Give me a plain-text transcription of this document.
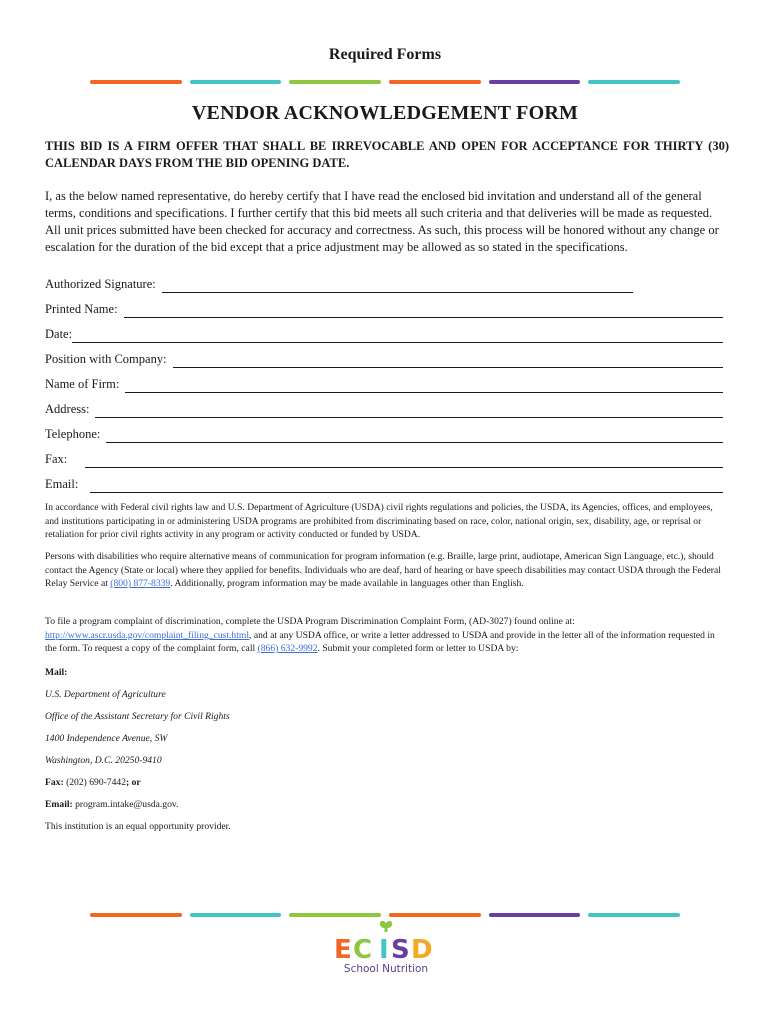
Required Forms
VENDOR ACKNOWLEDGEMENT FORM
THIS BID IS A FIRM OFFER THAT SHALL BE IRREVOCABLE AND OPEN FOR ACCEPTANCE FOR THIRTY (30) CALENDAR DAYS FROM THE BID OPENING DATE.
I, as the below named representative, do hereby certify that I have read the enclosed bid invitation and understand all of the general terms, conditions and specifications. I further certify that this bid meets all such criteria and that deliveries will be made as requested. All unit prices submitted have been checked for accuracy and correctness. As such, this process will be honored without any change or escalation for the duration of the bid except that a price adjustment may be allowed as so stated in the specifications.
Authorized Signature:
Printed Name:
Date:
Position with Company:
Name of Firm:
Address:
Telephone:
Fax:
Email:
In accordance with Federal civil rights law and U.S. Department of Agriculture (USDA) civil rights regulations and policies, the USDA, its Agencies, offices, and employees, and institutions participating in or administering USDA programs are prohibited from discriminating based on race, color, national origin, sex, disability, age, or reprisal or retaliation for prior civil rights activity in any program or activity conducted or funded by USDA.
Persons with disabilities who require alternative means of communication for program information (e.g. Braille, large print, audiotape, American Sign Language, etc.), should contact the Agency (State or local) where they applied for benefits. Individuals who are deaf, hard of hearing or have speech disabilities may contact USDA through the Federal Relay Service at (800) 877-8339. Additionally, program information may be made available in languages other than English.
To file a program complaint of discrimination, complete the USDA Program Discrimination Complaint Form, (AD-3027) found online at: http://www.ascr.usda.gov/complaint_filing_cust.html, and at any USDA office, or write a letter addressed to USDA and provide in the letter all of the information requested in the form. To request a copy of the complaint form, call (866) 632-9992. Submit your completed form or letter to USDA by:
Mail:
U.S. Department of Agriculture
Office of the Assistant Secretary for Civil Rights
1400 Independence Avenue, SW
Washington, D.C. 20250-9410
Fax: (202) 690-7442; or
Email: program.intake@usda.gov.
This institution is an equal opportunity provider.
E C I S D
School Nutrition
